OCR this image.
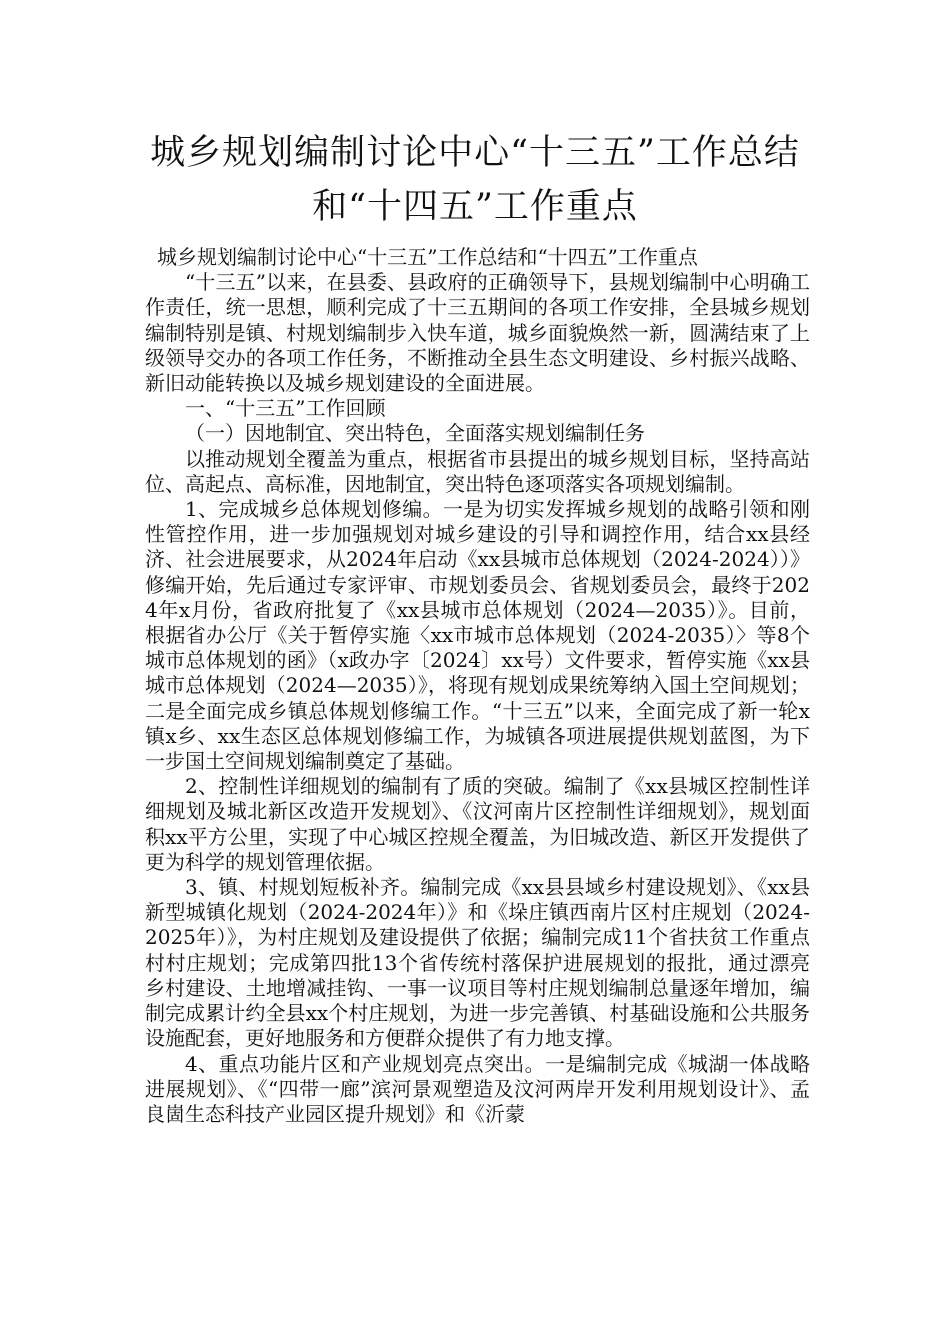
城乡规划编制讨论中心“十三五”工作总结和“十四五”工作重点

城乡规划编制讨论中心“十三五”工作总结和“十四五”工作重点

“十三五”以来，在县委、县政府的正确领导下，县规划编制中心明确工作责任，统一思想，顺利完成了十三五期间的各项工作安排，全县城乡规划编制特别是镇、村规划编制步入快车道，城乡面貌焕然一新，圆满结束了上级领导交办的各项工作任务，不断推动全县生态文明建设、乡村振兴战略、新旧动能转换以及城乡规划建设的全面进展。

一、“十三五”工作回顾

（一）因地制宜、突出特色，全面落实规划编制任务

以推动规划全覆盖为重点，根据省市县提出的城乡规划目标，坚持高站位、高起点、高标准，因地制宜，突出特色逐项落实各项规划编制。

1、完成城乡总体规划修编。一是为切实发挥城乡规划的战略引领和刚性管控作用，进一步加强规划对城乡建设的引导和调控作用，结合xx县经济、社会进展要求，从2024年启动《xx县城市总体规划（2024-2024））》修编开始，先后通过专家评审、市规划委员会、省规划委员会，最终于2024年x月份，省政府批复了《xx县城市总体规划（2024—2035）》。目前，根据省办公厅《关于暂停实施〈xx市城市总体规划（2024-2035）〉等8个城市总体规划的函》（x政办字〔2024〕xx号）文件要求，暂停实施《xx县城市总体规划（2024—2035）》，将现有规划成果统筹纳入国土空间规划；二是全面完成乡镇总体规划修编工作。“十三五”以来，全面完成了新一轮x镇x乡、xx生态区总体规划修编工作，为城镇各项进展提供规划蓝图，为下一步国土空间规划编制奠定了基础。

2、控制性详细规划的编制有了质的突破。编制了《xx县城区控制性详细规划及城北新区改造开发规划》、《汶河南片区控制性详细规划》，规划面积xx平方公里，实现了中心城区控规全覆盖，为旧城改造、新区开发提供了更为科学的规划管理依据。

3、镇、村规划短板补齐。编制完成《xx县县域乡村建设规划》、《xx县新型城镇化规划（2024-2024年）》和《垛庄镇西南片区村庄规划（2024-2025年）》，为村庄规划及建设提供了依据；编制完成11个省扶贫工作重点村村庄规划；完成第四批13个省传统村落保护进展规划的报批，通过漂亮乡村建设、土地增减挂钩、一事一议项目等村庄规划编制总量逐年增加，编制完成累计约全县xx个村庄规划，为进一步完善镇、村基础设施和公共服务设施配套，更好地服务和方便群众提供了有力地支撑。

4、重点功能片区和产业规划亮点突出。一是编制完成《城湖一体战略进展规划》、《“四带一廊”滨河景观塑造及汶河两岸开发利用规划设计》、孟良崮生态科技产业园区提升规划》和《沂蒙
